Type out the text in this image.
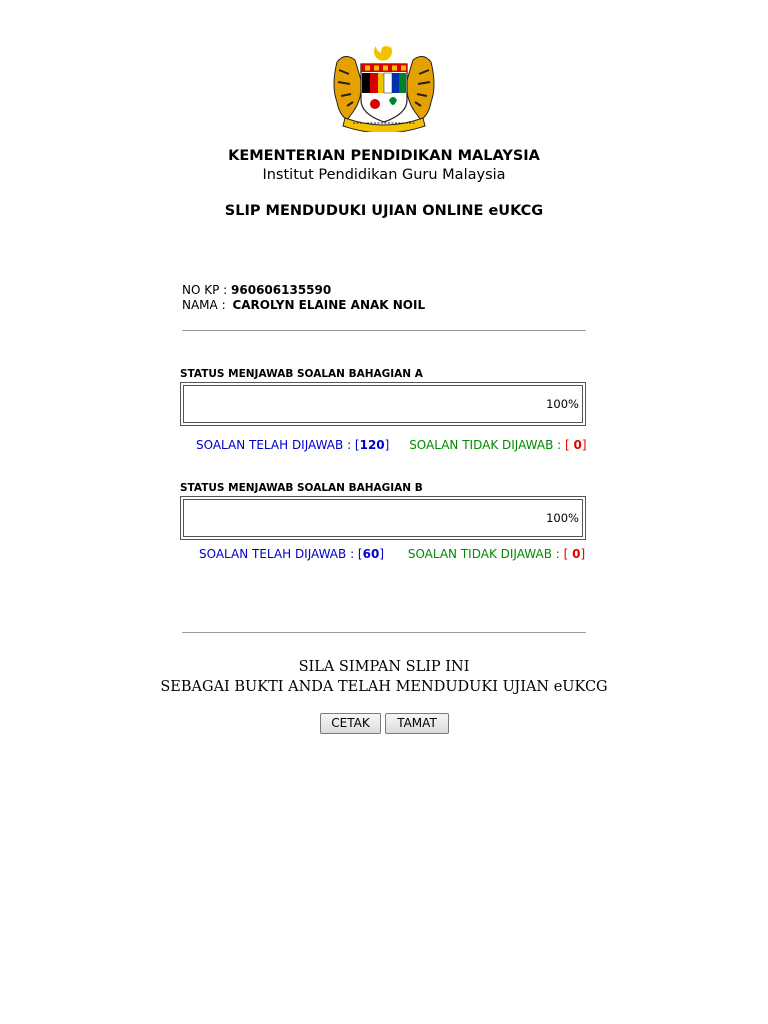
KEMENTERIAN PENDIDIKAN MALAYSIA
Institut Pendidikan Guru Malaysia
SLIP MENDUDUKI UJIAN ONLINE eUKCG
NO KP : 960606135590
NAMA : CAROLYN ELAINE ANAK NOIL
STATUS MENJAWAB SOALAN BAHAGIAN A
100%
SOALAN TELAH DIJAWAB : [120] SOALAN TIDAK DIJAWAB : [ 0]
STATUS MENJAWAB SOALAN BAHAGIAN B
100%
SOALAN TELAH DIJAWAB : [60] SOALAN TIDAK DIJAWAB : [ 0]
SILA SIMPAN SLIP INI
SEBAGAI BUKTI ANDA TELAH MENDUDUKI UJIAN eUKCG
CETAK	TAMAT
